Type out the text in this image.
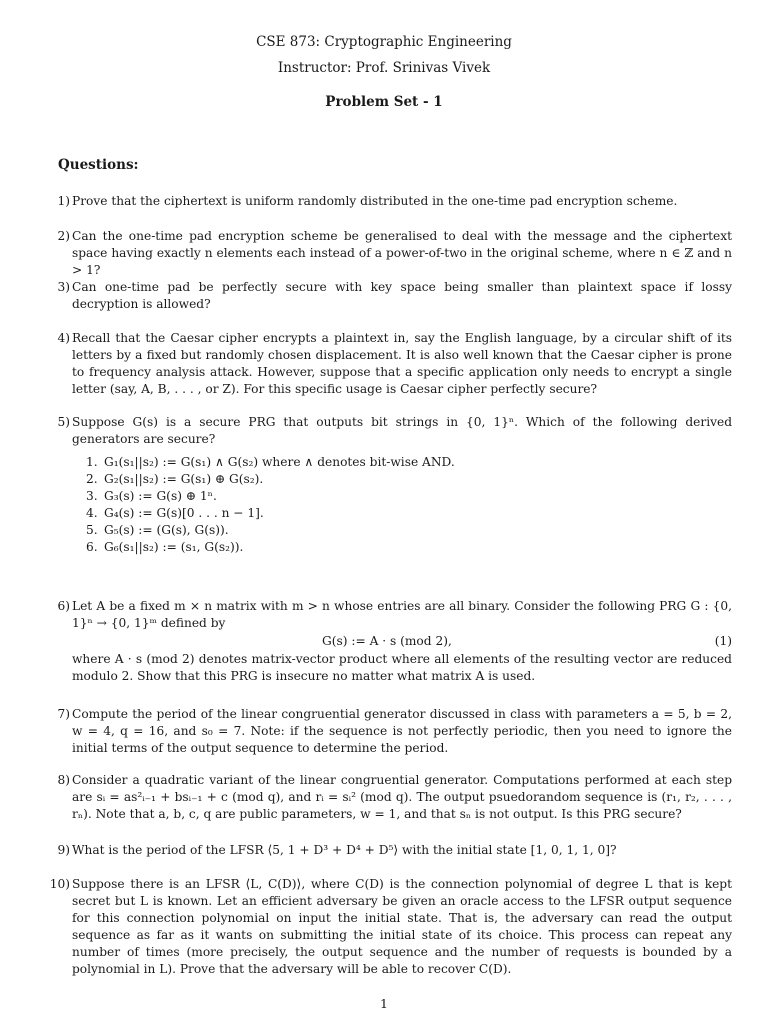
CSE 873: Cryptographic Engineering
Instructor: Prof. Srinivas Vivek
Problem Set - 1
Questions:
1) Prove that the ciphertext is uniform randomly distributed in the one-time pad encryption scheme.
2) Can the one-time pad encryption scheme be generalised to deal with the message and the ciphertext space having exactly n elements each instead of a power-of-two in the original scheme, where n ∈ ℤ and n > 1?
3) Can one-time pad be perfectly secure with key space being smaller than plaintext space if lossy decryption is allowed?
4) Recall that the Caesar cipher encrypts a plaintext in, say the English language, by a circular shift of its letters by a fixed but randomly chosen displacement. It is also well known that the Caesar cipher is prone to frequency analysis attack. However, suppose that a specific application only needs to encrypt a single letter (say, A, B, . . . , or Z). For this specific usage is Caesar cipher perfectly secure?
5) Suppose G(s) is a secure PRG that outputs bit strings in {0, 1}ⁿ. Which of the following derived generators are secure?
1. G₁(s₁||s₂) := G(s₁) ∧ G(s₂) where ∧ denotes bit-wise AND.
2. G₂(s₁||s₂) := G(s₁) ⊕ G(s₂).
3. G₃(s) := G(s) ⊕ 1ⁿ.
4. G₄(s) := G(s)[0 . . . n − 1].
5. G₅(s) := (G(s), G(s)).
6. G₆(s₁||s₂) := (s₁, G(s₂)).
6) Let A be a fixed m × n matrix with m > n whose entries are all binary. Consider the following PRG G : {0, 1}ⁿ → {0, 1}ᵐ defined by
G(s) := A · s (mod 2),	(1)
where A · s (mod 2) denotes matrix-vector product where all elements of the resulting vector are reduced modulo 2. Show that this PRG is insecure no matter what matrix A is used.
7) Compute the period of the linear congruential generator discussed in class with parameters a = 5, b = 2, w = 4, q = 16, and s₀ = 7. Note: if the sequence is not perfectly periodic, then you need to ignore the initial terms of the output sequence to determine the period.
8) Consider a quadratic variant of the linear congruential generator. Computations performed at each step are sᵢ = as²ᵢ₋₁ + bsᵢ₋₁ + c (mod q), and rᵢ = sᵢ² (mod q). The output psuedorandom sequence is (r₁, r₂, . . . , rₙ). Note that a, b, c, q are public parameters, w = 1, and that sₙ is not output. Is this PRG secure?
9) What is the period of the LFSR ⟨5, 1 + D³ + D⁴ + D⁵⟩ with the initial state [1, 0, 1, 1, 0]?
10) Suppose there is an LFSR ⟨L, C(D)⟩, where C(D) is the connection polynomial of degree L that is kept secret but L is known. Let an efficient adversary be given an oracle access to the LFSR output sequence for this connection polynomial on input the initial state. That is, the adversary can read the output sequence as far as it wants on submitting the initial state of its choice. This process can repeat any number of times (more precisely, the output sequence and the number of requests is bounded by a polynomial in L). Prove that the adversary will be able to recover C(D).
1
